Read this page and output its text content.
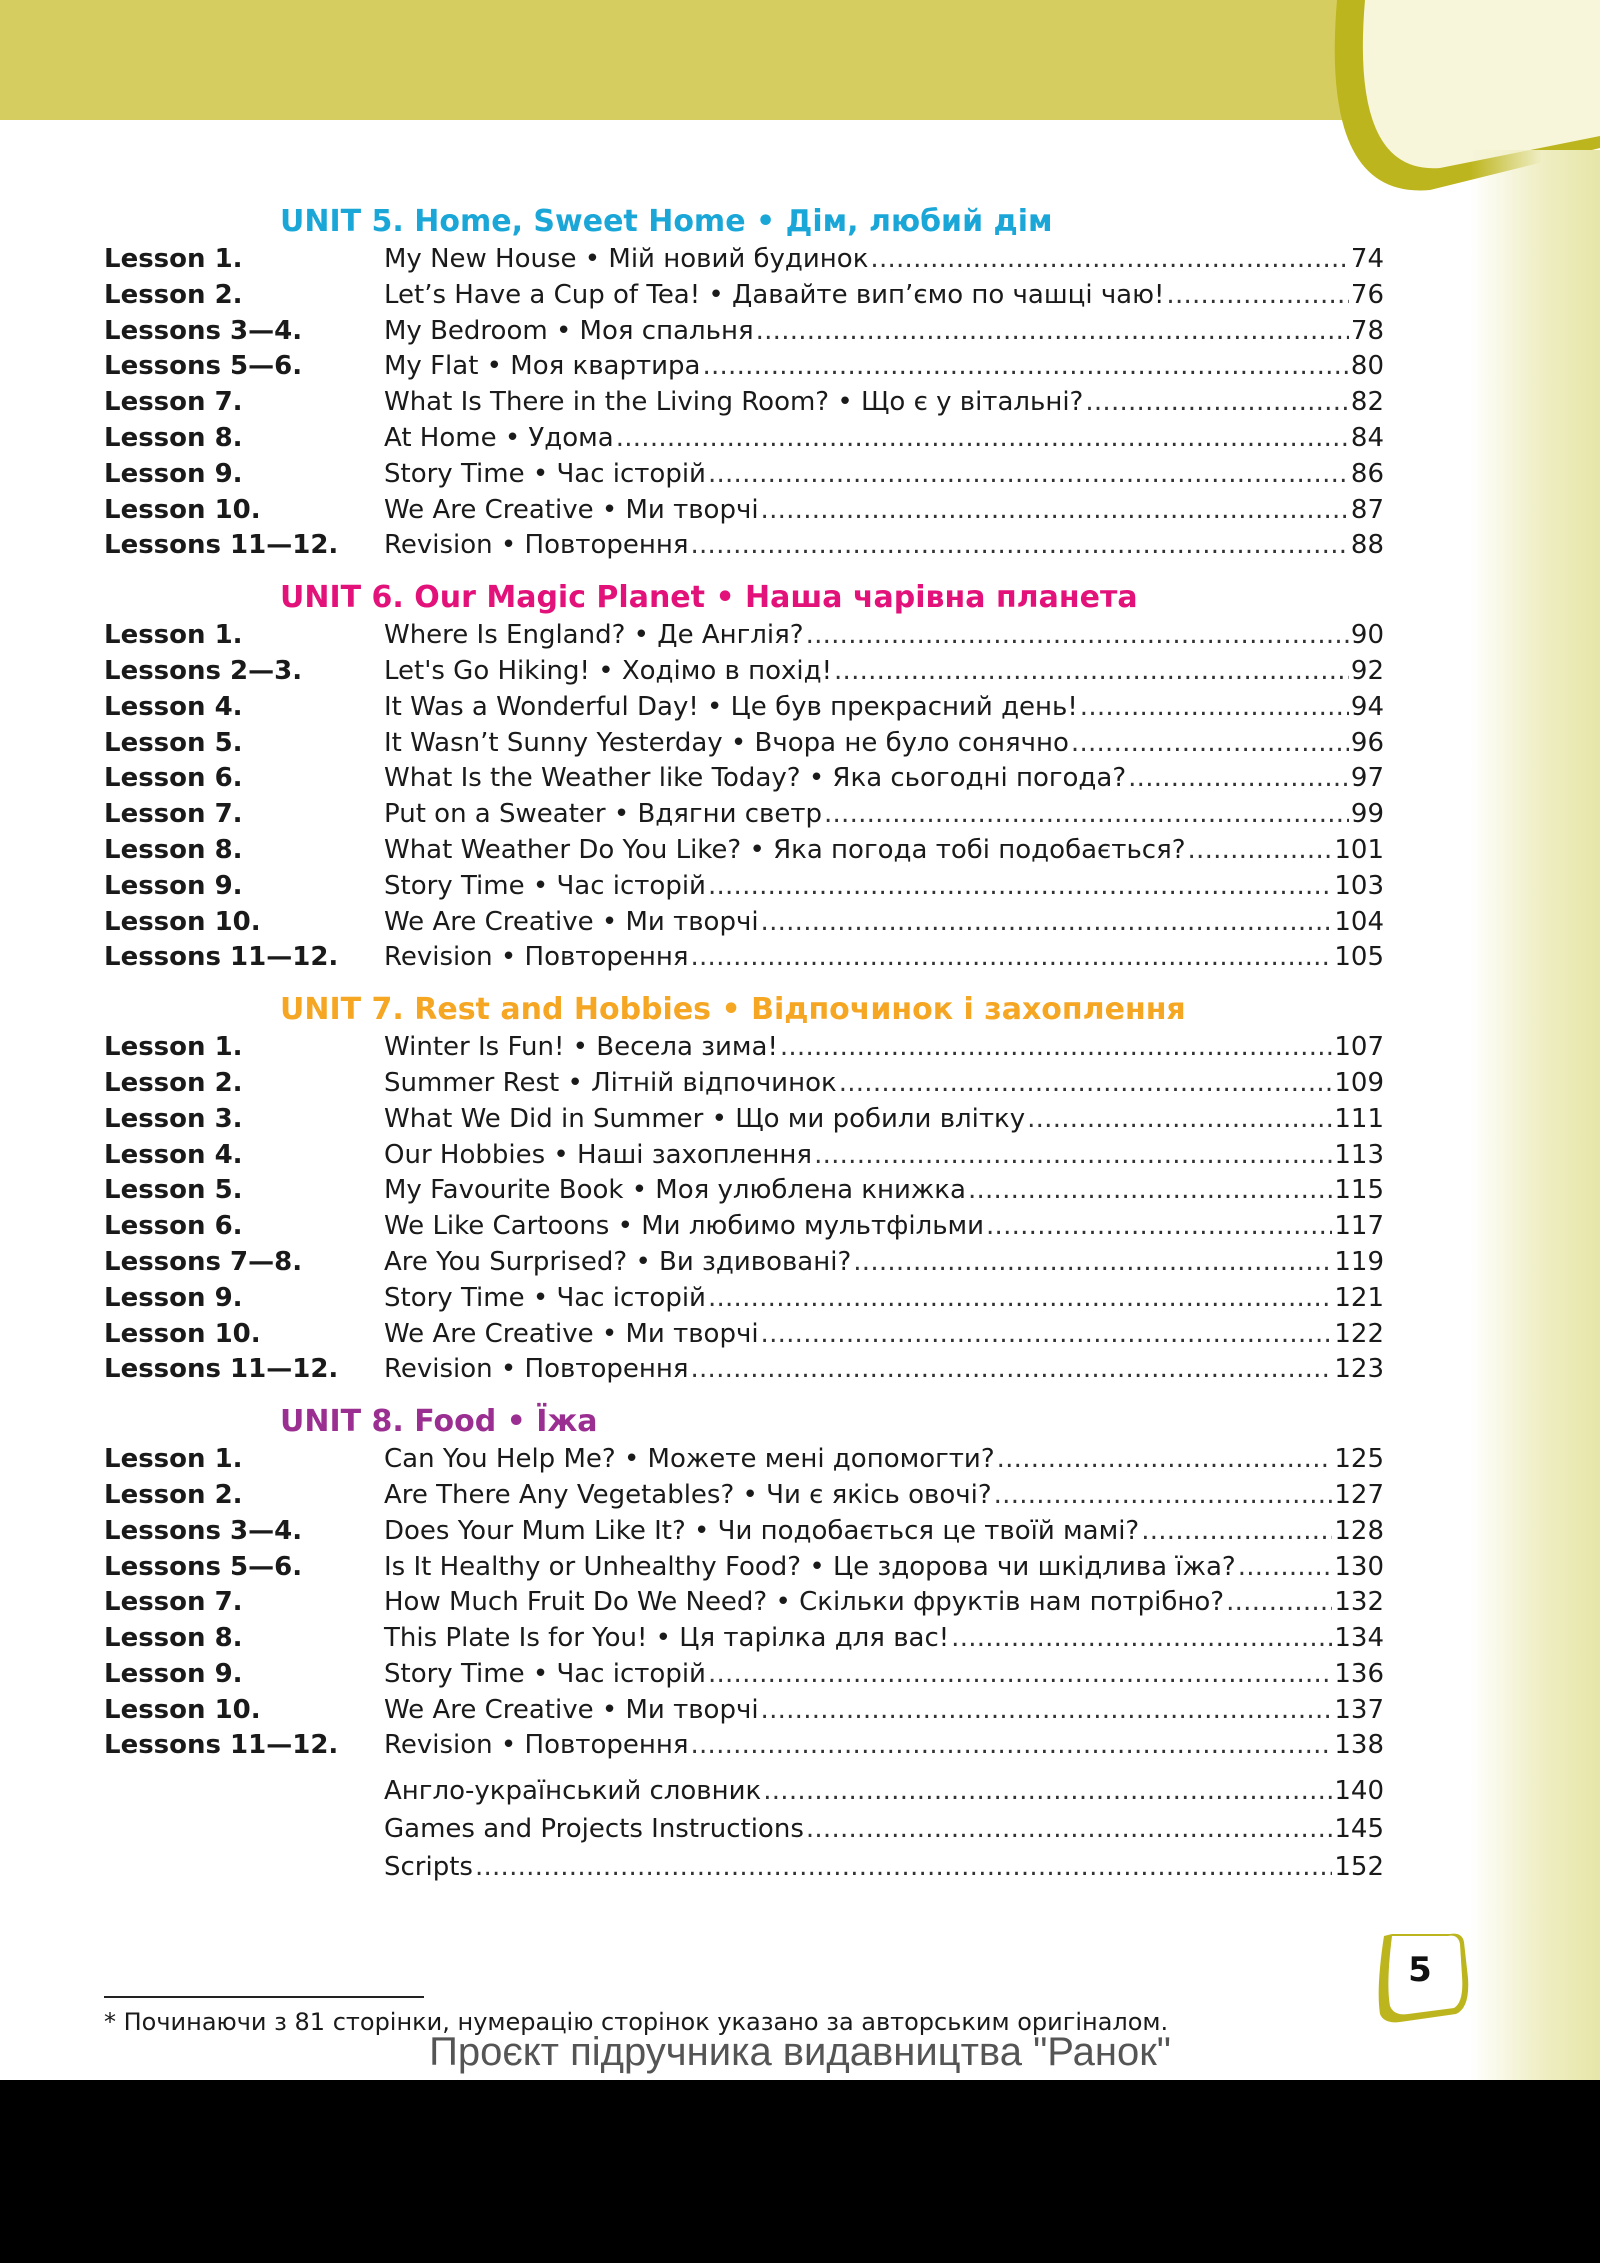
UNIT 5. Home, Sweet Home • Дім, любий дім
Lesson 1.	My New House • Мій новий будинок . . .	74
Lesson 2.	Let’s Have a Cup of Tea! • Давайте вип’ємо по чашці чаю! . . .	76
Lessons 3—4.	My Bedroom • Моя спальня . . .	78
Lessons 5—6.	My Flat • Моя квартира . . .	80
Lesson 7.	What Is There in the Living Room? • Що є у вітальні? . . .	82
Lesson 8.	At Home • Удома . . .	84
Lesson 9.	Story Time • Час історій . . .	86
Lesson 10.	We Are Creative • Ми творчі . . .	87
Lessons 11—12.	Revision • Повторення . . .	88
UNIT 6. Our Magic Planet • Наша чарівна планета
Lesson 1.	Where Is England? • Де Англія? . . .	90
Lessons 2—3.	Let's Go Hiking! • Ходімо в похід! . . .	92
Lesson 4.	It Was a Wonderful Day! • Це був прекрасний день! . . .	94
Lesson 5.	It Wasn’t Sunny Yesterday • Вчора не було сонячно . . .	96
Lesson 6.	What Is the Weather like Today? • Яка сьогодні погода? . . .	97
Lesson 7.	Put on a Sweater • Вдягни светр . . .	99
Lesson 8.	What Weather Do You Like? • Яка погода тобі подобається? . . .	101
Lesson 9.	Story Time • Час історій . . .	103
Lesson 10.	We Are Creative • Ми творчі . . .	104
Lessons 11—12.	Revision • Повторення . . .	105
UNIT 7. Rest and Hobbies • Відпочинок і захоплення
Lesson 1.	Winter Is Fun! • Весела зима! . . .	107
Lesson 2.	Summer Rest • Літній відпочинок . . .	109
Lesson 3.	What We Did in Summer • Що ми робили влітку . . .	111
Lesson 4.	Our Hobbies • Наші захоплення . . .	113
Lesson 5.	My Favourite Book • Моя улюблена книжка . . .	115
Lesson 6.	We Like Cartoons • Ми любимо мультфільми . . .	117
Lessons 7—8.	Are You Surprised? • Ви здивовані? . . .	119
Lesson 9.	Story Time • Час історій . . .	121
Lesson 10.	We Are Creative • Ми творчі . . .	122
Lessons 11—12.	Revision • Повторення . . .	123
UNIT 8. Food • Їжа
Lesson 1.	Can You Help Me? • Можете мені допомогти? . . .	125
Lesson 2.	Are There Any Vegetables? • Чи є якісь овочі? . . .	127
Lessons 3—4.	Does Your Mum Like It? • Чи подобається це твоїй мамі? . . .	128
Lessons 5—6.	Is It Healthy or Unhealthy Food? • Це здорова чи шкідлива їжа? . . .	130
Lesson 7.	How Much Fruit Do We Need? • Скільки фруктів нам потрібно? . . .	132
Lesson 8.	This Plate Is for You! • Ця тарілка для вас! . . .	134
Lesson 9.	Story Time • Час історій . . .	136
Lesson 10.	We Are Creative • Ми творчі . . .	137
Lessons 11—12.	Revision • Повторення . . .	138
Англо-український словник . . .	140
Games and Projects Instructions . . .	145
Scripts . . .	152
* Починаючи з 81 сторінки, нумерацію сторінок указано за авторським оригіналом.
5
Проєкт підручника видавництва "Ранок"
